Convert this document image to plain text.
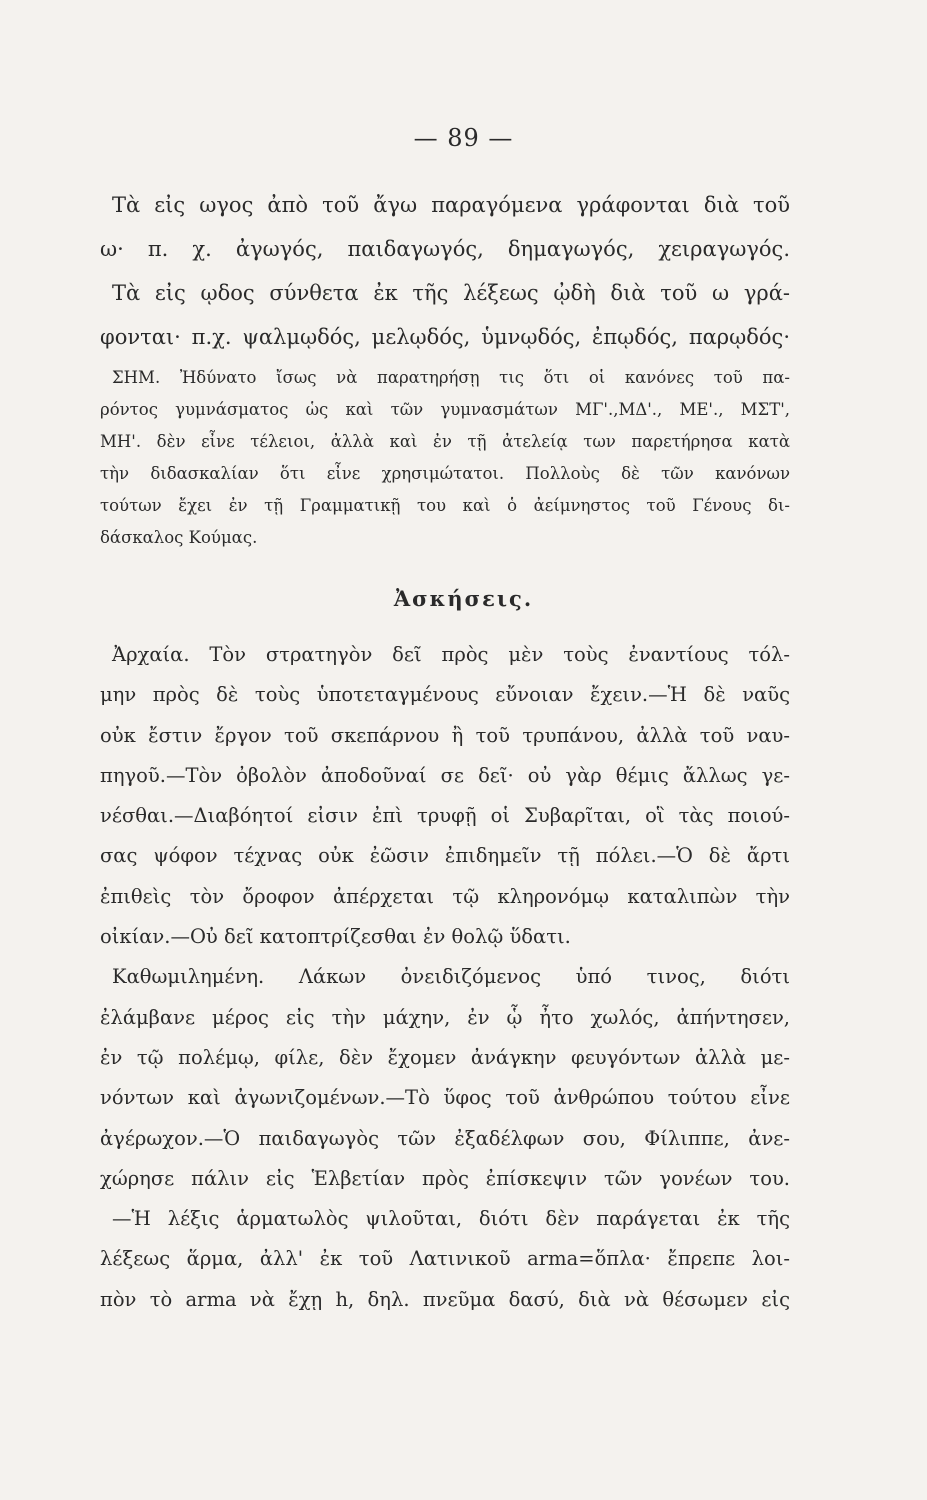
— 89 —
Τὰ εἰς ωγος ἀπὸ τοῦ ἄγω παραγόμενα γράφονται διὰ τοῦ
ω· π. χ. ἀγωγός, παιδαγωγός, δημαγωγός, χειραγωγός.
Τὰ εἰς ῳδος σύνθετα ἐκ τῆς λέξεως ᾠδὴ διὰ τοῦ ω γρά-
φονται· π.χ. ψαλμῳδός, μελῳδός, ὑμνῳδός, ἐπῳδός, παρῳδός·
ΣΗΜ. Ἠδύνατο ἴσως νὰ παρατηρήσῃ τις ὅτι οἱ κανόνες τοῦ πα-
ρόντος γυμνάσματος ὡς καὶ τῶν γυμνασμάτων ΜΓ'.,ΜΔ'., ΜΕ'., ΜΣΤ',
ΜΗ'. δὲν εἶνε τέλειοι, ἀλλὰ καὶ ἐν τῇ ἀτελείᾳ των παρετήρησα κατὰ
τὴν διδασκαλίαν ὅτι εἶνε χρησιμώτατοι. Πολλοὺς δὲ τῶν κανόνων
τούτων ἔχει ἐν τῇ Γραμματικῇ του καὶ ὁ ἀείμνηστος τοῦ Γένους δι-
δάσκαλος Κούμας.
Ἀσκήσεις.
Ἀρχαία. Τὸν στρατηγὸν δεῖ πρὸς μὲν τοὺς ἐναντίους τόλ-
μην πρὸς δὲ τοὺς ὑποτεταγμένους εὔνοιαν ἔχειν.—Ἡ δὲ ναῦς
οὐκ ἔστιν ἔργον τοῦ σκεπάρνου ἢ τοῦ τρυπάνου, ἀλλὰ τοῦ ναυ-
πηγοῦ.—Τὸν ὀβολὸν ἀποδοῦναί σε δεῖ· οὐ γὰρ θέμις ἄλλως γε-
νέσθαι.—Διαβόητοί εἰσιν ἐπὶ τρυφῇ οἱ Συβαρῖται, οἳ τὰς ποιού-
σας ψόφον τέχνας οὐκ ἐῶσιν ἐπιδημεῖν τῇ πόλει.—Ὁ δὲ ἄρτι
ἐπιθεὶς τὸν ὄροφον ἀπέρχεται τῷ κληρονόμῳ καταλιπὼν τὴν
οἰκίαν.—Οὐ δεῖ κατοπτρίζεσθαι ἐν θολῷ ὕδατι.
Καθωμιλημένη. Λάκων ὀνειδιζόμενος ὑπό τινος, διότι
ἐλάμβανε μέρος εἰς τὴν μάχην, ἐν ᾧ ἦτο χωλός, ἀπήντησεν,
ἐν τῷ πολέμῳ, φίλε, δὲν ἔχομεν ἀνάγκην φευγόντων ἀλλὰ με-
νόντων καὶ ἀγωνιζομένων.—Τὸ ὕφος τοῦ ἀνθρώπου τούτου εἶνε
ἀγέρωχον.—Ὁ παιδαγωγὸς τῶν ἐξαδέλφων σου, Φίλιππε, ἀνε-
χώρησε πάλιν εἰς Ἑλβετίαν πρὸς ἐπίσκεψιν τῶν γονέων του.
—Ἡ λέξις ἁρματωλὸς ψιλοῦται, διότι δὲν παράγεται ἐκ τῆς
λέξεως ἅρμα, ἀλλ' ἐκ τοῦ Λατινικοῦ arma=ὅπλα· ἔπρεπε λοι-
πὸν τὸ arma νὰ ἔχῃ h, δηλ. πνεῦμα δασύ, διὰ νὰ θέσωμεν εἰς
